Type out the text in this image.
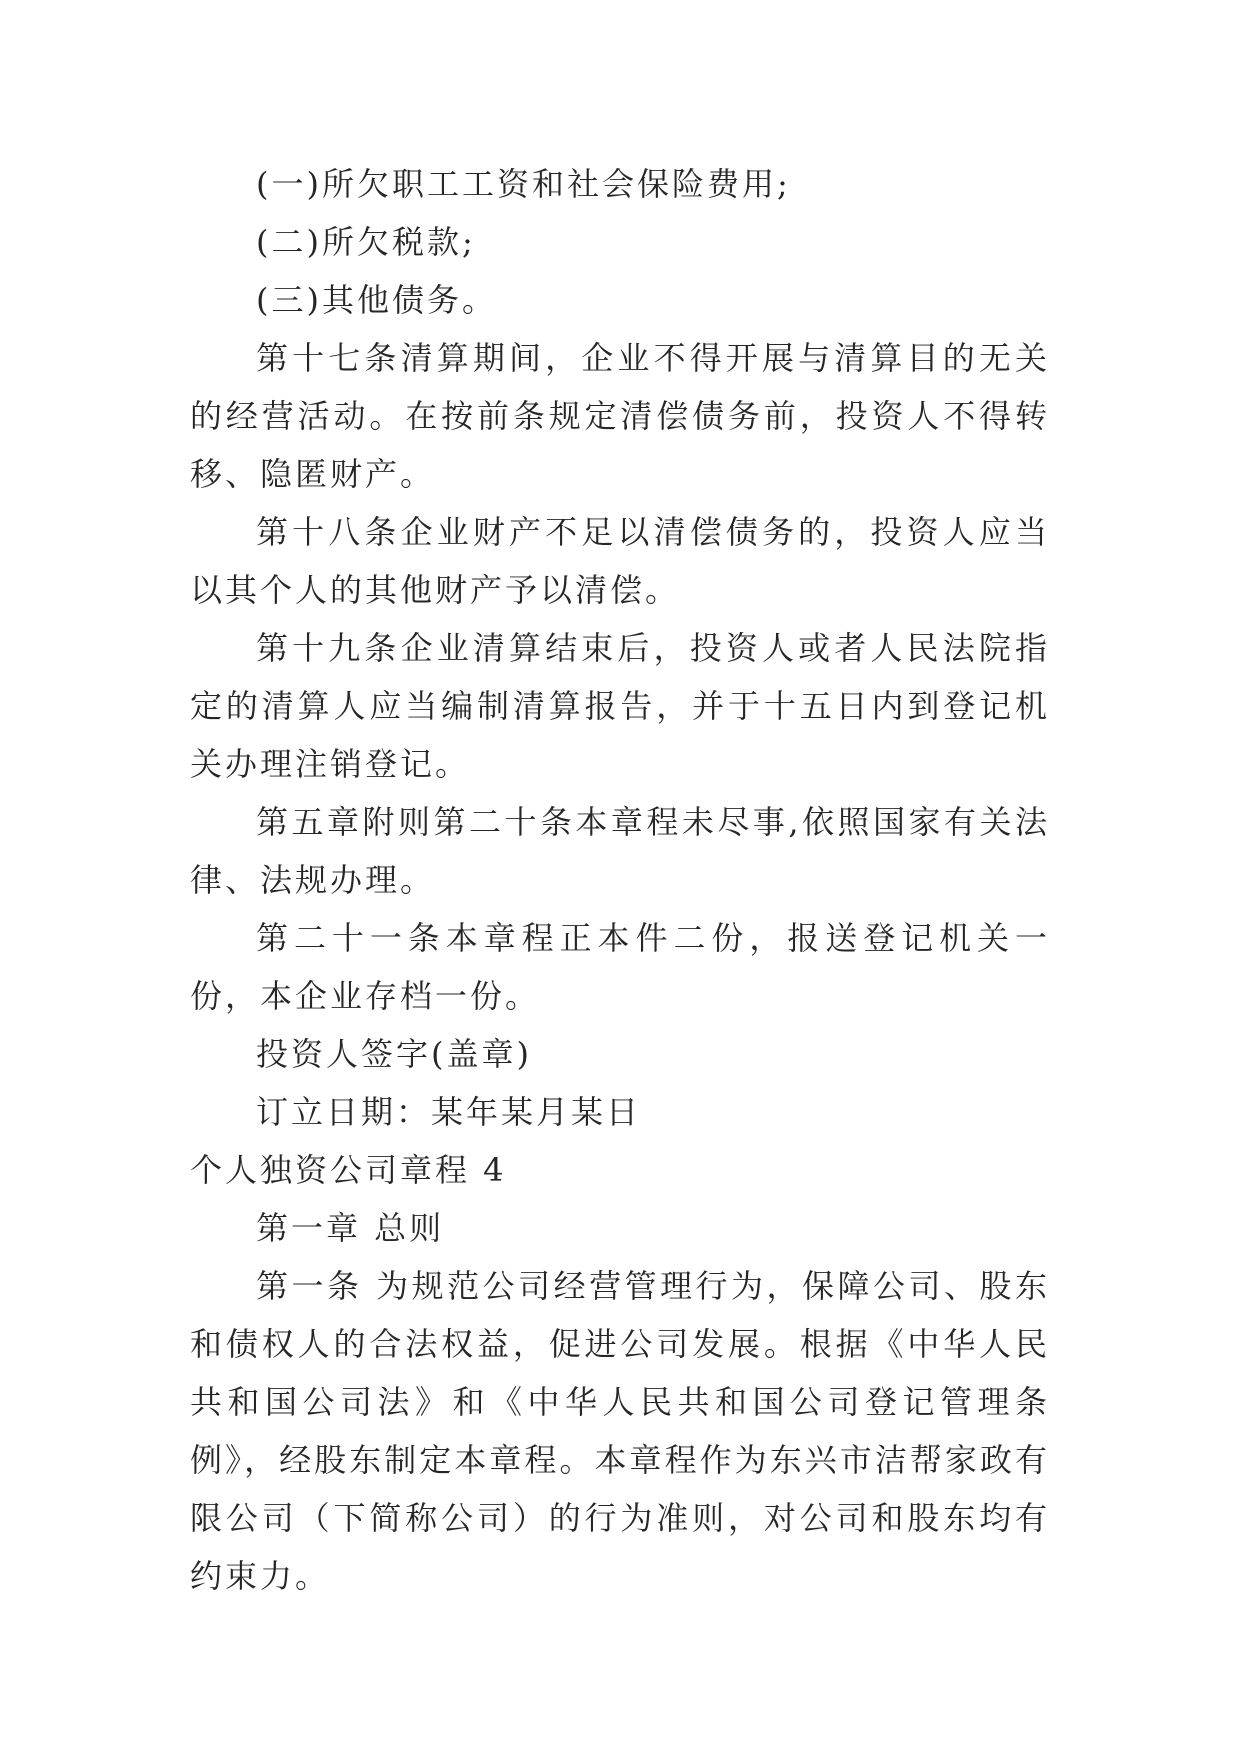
(一)所欠职工工资和社会保险费用;

(二)所欠税款;

(三)其他债务。

第十七条清算期间，企业不得开展与清算目的无关的经营活动。在按前条规定清偿债务前，投资人不得转移、隐匿财产。

第十八条企业财产不足以清偿债务的，投资人应当以其个人的其他财产予以清偿。

第十九条企业清算结束后，投资人或者人民法院指定的清算人应当编制清算报告，并于十五日内到登记机关办理注销登记。

第五章附则第二十条本章程未尽事,依照国家有关法律、法规办理。

第二十一条本章程正本件二份，报送登记机关一份，本企业存档一份。

投资人签字(盖章)

订立日期：某年某月某日

个人独资公司章程 4

第一章 总则

第一条 为规范公司经营管理行为，保障公司、股东和债权人的合法权益，促进公司发展。根据《中华人民共和国公司法》和《中华人民共和国公司登记管理条例》，经股东制定本章程。本章程作为东兴市洁帮家政有限公司（下简称公司）的行为准则，对公司和股东均有约束力。
